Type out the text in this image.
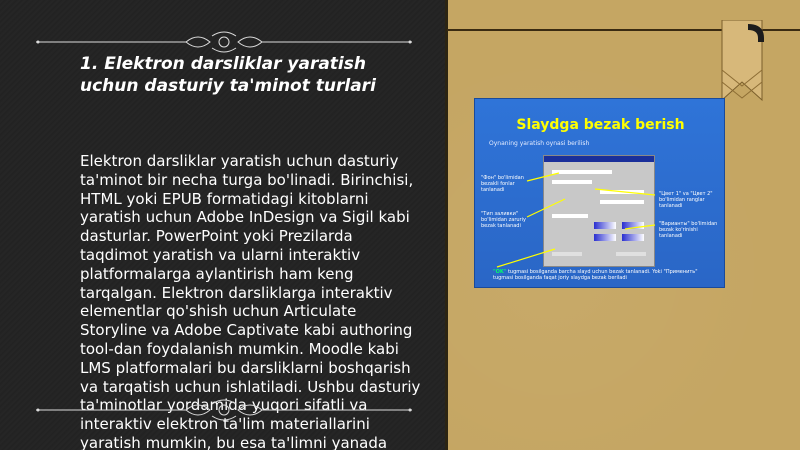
1. Elektron darsliklar yaratish uchun dasturiy ta'minot turlari

Elektron darsliklar yaratish uchun dasturiy ta'minot bir necha turga bo'linadi. Birinchisi, HTML yoki EPUB formatidagi kitoblarni yaratish uchun Adobe InDesign va Sigil kabi dasturlar. PowerPoint yoki Prezilarda taqdimot yaratish va ularni interaktiv platformalarga aylantirish ham keng tarqalgan. Elektron darsliklarga interaktiv elementlar qo'shish uchun Articulate Storyline va Adobe Captivate kabi authoring tool-dan foydalanish mumkin. Moodle kabi LMS platformalari bu darsliklarni boshqarish va tarqatish uchun ishlatiladi. Ushbu dasturiy ta'minotlar yordamida yuqori sifatli va interaktiv elektron ta'lim materiallarini yaratish mumkin, bu esa ta'limni yanada

Slaydga bezak berish

Oynaning yaratish oynasi berilish

"Фон" bo'limidan bezakli fonlar tanlanadi

"Тип заливки" bo'limidan zaruriy bezak tanlanadi

"Цвет 1" va "Цвет 2" bo'limidan ranglar tanlanadi

"Варианты" bo'limidan bezak ko'rinishi tanlanadi

"OK" tugmasi bosilganda barcha slayd uchun bezak tanlanadi. Yoki "Применить" tugmasi bosilganda faqat joriy slaydga bezak beriladi
